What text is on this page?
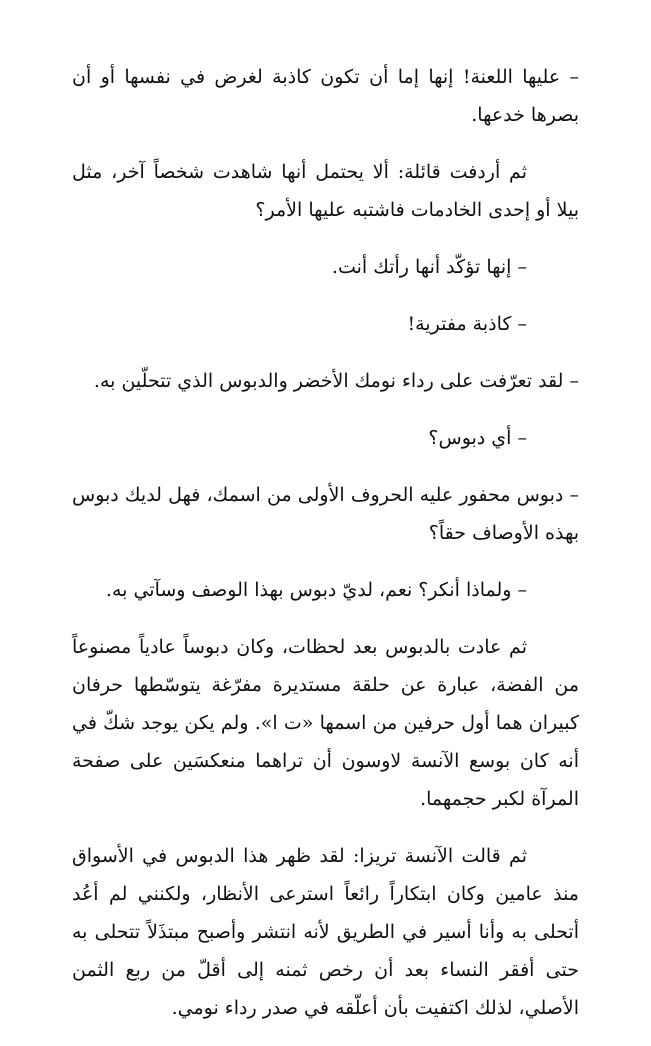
– عليها اللعنة! إنها إما أن تكون كاذبة لغرض في نفسها أو أن بصرها خدعها.

ثم أردفت قائلة: ألا يحتمل أنها شاهدت شخصاً آخر، مثل بيلا أو إحدى الخادمات فاشتبه عليها الأمر؟

– إنها تؤكّد أنها رأتك أنت.

– كاذبة مفترية!

– لقد تعرّفت على رداء نومك الأخضر والدبوس الذي تتحلّين به.

– أي دبوس؟

– دبوس محفور عليه الحروف الأولى من اسمك، فهل لديك دبوس بهذه الأوصاف حقاً؟

– ولماذا أنكر؟ نعم، لديّ دبوس بهذا الوصف وسآتي به.

ثم عادت بالدبوس بعد لحظات، وكان دبوساً عادياً مصنوعاً من الفضة، عبارة عن حلقة مستديرة مفرّغة يتوسّطها حرفان كبيران هما أول حرفين من اسمها «ت ا». ولم يكن يوجد شكّ في أنه كان بوسع الآنسة لاوسون أن تراهما منعكسَين على صفحة المرآة لكبر حجمهما.

ثم قالت الآنسة تريزا: لقد ظهر هذا الدبوس في الأسواق منذ عامين وكان ابتكاراً رائعاً استرعى الأنظار، ولكنني لم أعُد أتحلى به وأنا أسير في الطريق لأنه انتشر وأصبح مبتذَلاً تتحلى به حتى أفقر النساء بعد أن رخص ثمنه إلى أقلّ من ربع الثمن الأصلي، لذلك اكتفيت بأن أعلّقه في صدر رداء نومي.
